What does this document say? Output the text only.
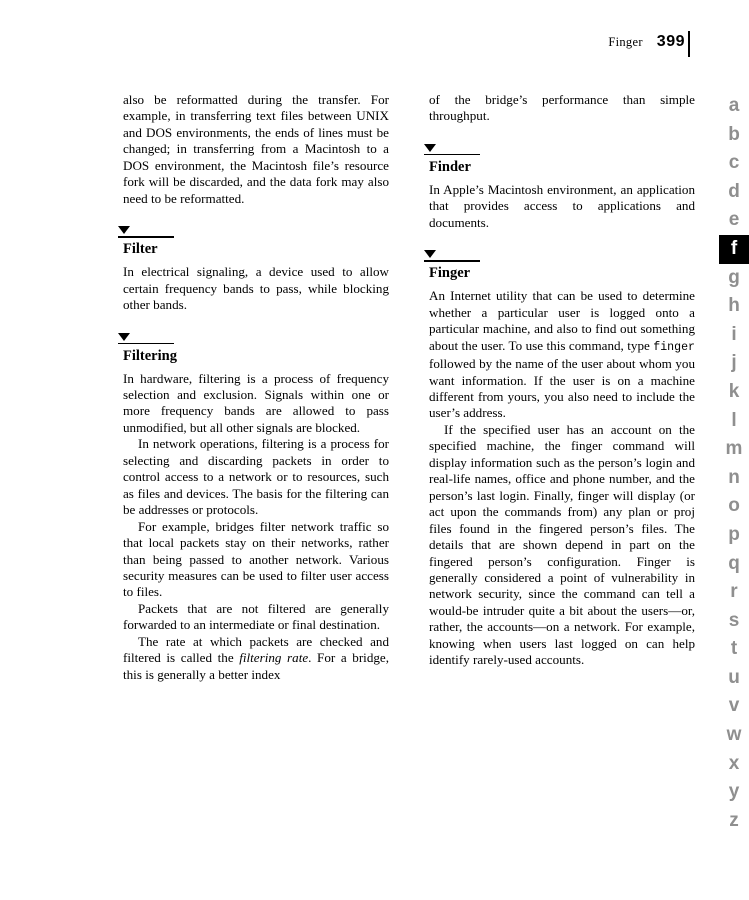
Finger 399

also be reformatted during the transfer. For example, in transferring text files between UNIX and DOS environments, the ends of lines must be changed; in transferring from a Macintosh to a DOS environment, the Macintosh file’s resource fork will be discarded, and the data fork may also need to be reformatted.

Filter

In electrical signaling, a device used to allow certain frequency bands to pass, while blocking other bands.

Filtering

In hardware, filtering is a process of frequency selection and exclusion. Signals within one or more frequency bands are allowed to pass unmodified, but all other signals are blocked.

In network operations, filtering is a process for selecting and discarding packets in order to control access to a network or to resources, such as files and devices. The basis for the filtering can be addresses or protocols.

For example, bridges filter network traffic so that local packets stay on their networks, rather than being passed to another network. Various security measures can be used to filter user access to files.

Packets that are not filtered are generally forwarded to an intermediate or final destination.

The rate at which packets are checked and filtered is called the filtering rate. For a bridge, this is generally a better index

of the bridge’s performance than simple throughput.

Finder

In Apple’s Macintosh environment, an application that provides access to applications and documents.

Finger

An Internet utility that can be used to determine whether a particular user is logged onto a particular machine, and also to find out something about the user. To use this command, type finger followed by the name of the user about whom you want information. If the user is on a machine different from yours, you also need to include the user’s address.

If the specified user has an account on the specified machine, the finger command will display information such as the person’s login and real-life names, office and phone number, and the person’s last login. Finally, finger will display (or act upon the commands from) any plan or proj files found in the fingered person’s files. The details that are shown depend in part on the fingered person’s configuration. Finger is generally considered a point of vulnerability in network security, since the command can tell a would-be intruder quite a bit about the users—or, rather, the accounts—on a network. For example, knowing when users last logged on can help identify rarely-used accounts.

a
b
c
d
e
f
g
h
i
j
k
l
m
n
o
p
q
r
s
t
u
v
w
x
y
z
